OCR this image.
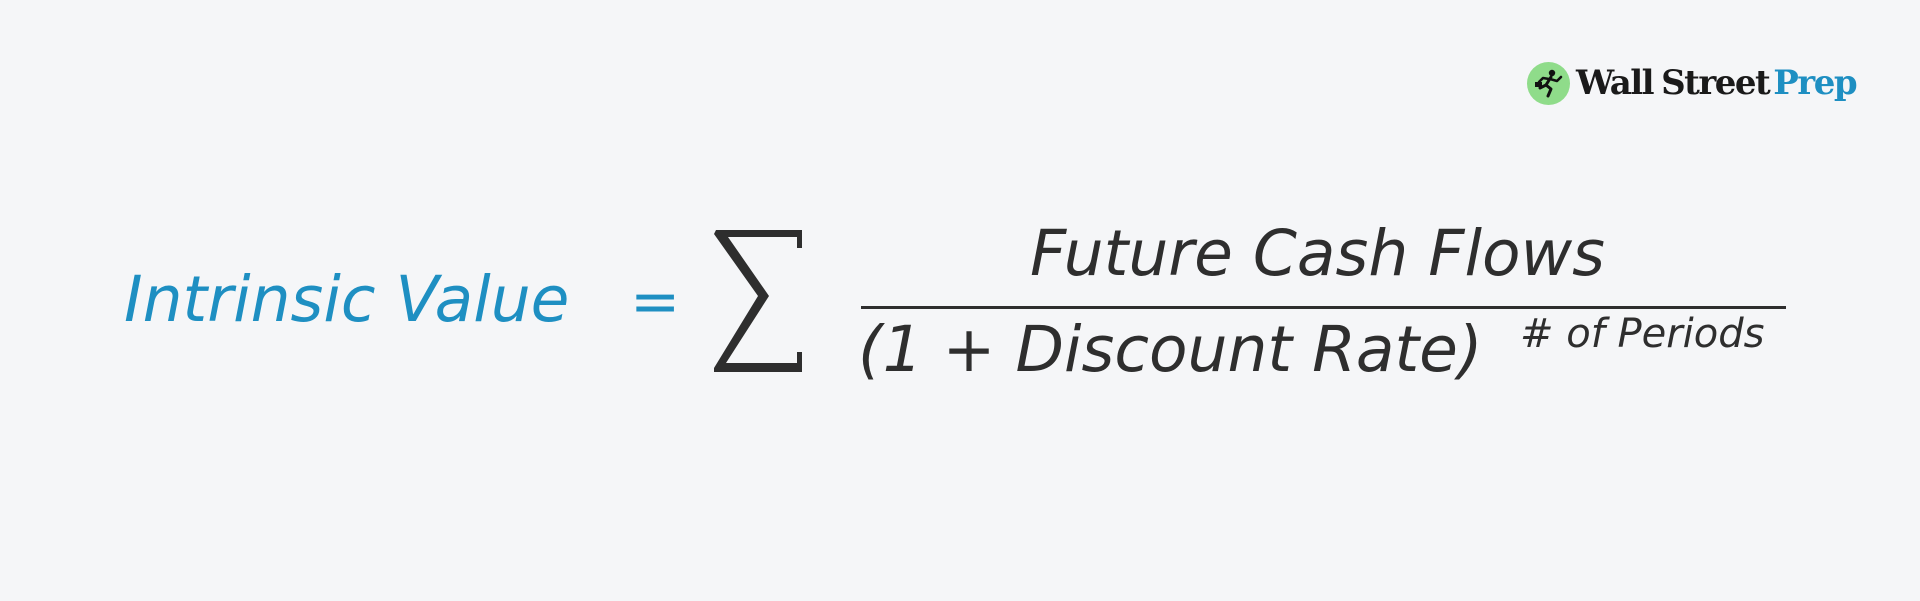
Wall Street Prep
Intrinsic Value =
Future Cash Flows
(1 + Discount Rate) # of Periods
